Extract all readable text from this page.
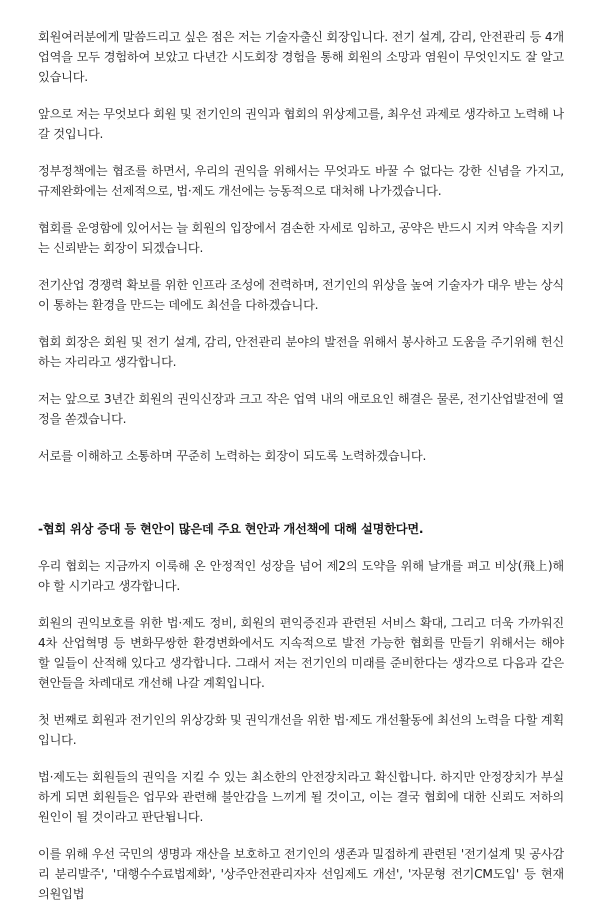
회원여러분에게 말씀드리고 싶은 점은 저는 기술자출신 회장입니다. 전기 설계, 감리, 안전관리 등 4개업역을 모두 경험하여 보았고 다년간 시도회장 경험을 통해 회원의 소망과 염원이 무엇인지도 잘 알고 있습니다.

앞으로 저는 무엇보다 회원 및 전기인의 권익과 협회의 위상제고를, 최우선 과제로 생각하고 노력해 나갈 것입니다.

정부정책에는 협조를 하면서, 우리의 권익을 위해서는 무엇과도 바꿀 수 없다는 강한 신념을 가지고, 규제완화에는 선제적으로, 법·제도 개선에는 능동적으로 대처해 나가겠습니다.

협회를 운영함에 있어서는 늘 회원의 입장에서 겸손한 자세로 임하고, 공약은 반드시 지켜 약속을 지키는 신뢰받는 회장이 되겠습니다.

전기산업 경쟁력 확보를 위한 인프라 조성에 전력하며, 전기인의 위상을 높여 기술자가 대우 받는 상식이 통하는 환경을 만드는 데에도 최선을 다하겠습니다.

협회 회장은 회원 및 전기 설계, 감리, 안전관리 분야의 발전을 위해서 봉사하고 도움을 주기위해 헌신하는 자리라고 생각합니다.

저는 앞으로 3년간 회원의 권익신장과 크고 작은 업역 내의 애로요인 해결은 물론, 전기산업발전에 열정을 쏟겠습니다.

서로를 이해하고 소통하며 꾸준히 노력하는 회장이 되도록 노력하겠습니다.

-협회 위상 증대 등 현안이 많은데 주요 현안과 개선책에 대해 설명한다면.

우리 협회는 지금까지 이룩해 온 안정적인 성장을 넘어 제2의 도약을 위해 날개를 펴고 비상(飛上)해야 할 시기라고 생각합니다.

회원의 권익보호를 위한 법·제도 정비, 회원의 편익증진과 관련된 서비스 확대, 그리고 더욱 가까워진 4차 산업혁명 등 변화무쌍한 환경변화에서도 지속적으로 발전 가능한 협회를 만들기 위해서는 해야 할 일들이 산적해 있다고 생각합니다. 그래서 저는 전기인의 미래를 준비한다는 생각으로 다음과 같은 현안들을 차례대로 개선해 나갈 계획입니다.

첫 번째로 회원과 전기인의 위상강화 및 권익개선을 위한 법·제도 개선활동에 최선의 노력을 다할 계획입니다.

법·제도는 회원들의 권익을 지킬 수 있는 최소한의 안전장치라고 확신합니다. 하지만 안정장치가 부실하게 되면 회원들은 업무와 관련해 불안감을 느끼게 될 것이고, 이는 결국 협회에 대한 신뢰도 저하의 원인이 될 것이라고 판단됩니다.

이를 위해 우선 국민의 생명과 재산을 보호하고 전기인의 생존과 밀접하게 관련된 '전기설계 및 공사감리 분리발주', '대행수수료법제화', '상주안전관리자자 선임제도 개선', '자문형 전기CM도입' 등 현재 의원입법
